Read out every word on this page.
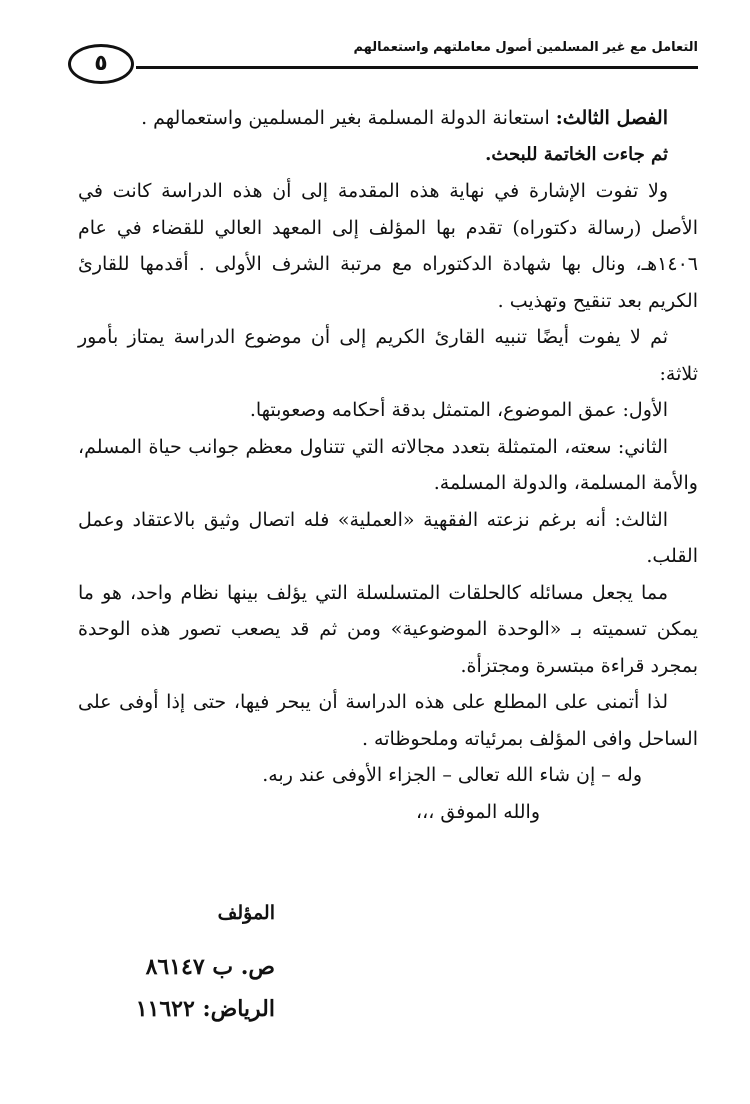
التعامل مع غير المسلمين أصول معاملتهم واستعمالهم
٥

الفصل الثالث: استعانة الدولة المسلمة بغير المسلمين واستعمالهم .

ثم جاءت الخاتمة للبحث.

ولا تفوت الإشارة في نهاية هذه المقدمة إلى أن هذه الدراسة كانت في الأصل (رسالة دكتوراه) تقدم بها المؤلف إلى المعهد العالي للقضاء في عام ١٤٠٦هـ، ونال بها شهادة الدكتوراه مع مرتبة الشرف الأولى . أقدمها للقارئ الكريم بعد تنقيح وتهذيب .

ثم لا يفوت أيضًا تنبيه القارئ الكريم إلى أن موضوع الدراسة يمتاز بأمور ثلاثة:

الأول: عمق الموضوع، المتمثل بدقة أحكامه وصعوبتها.

الثاني: سعته، المتمثلة بتعدد مجالاته التي تتناول معظم جوانب حياة المسلم، والأمة المسلمة، والدولة المسلمة.

الثالث: أنه برغم نزعته الفقهية «العملية» فله اتصال وثيق بالاعتقاد وعمل القلب.

مما يجعل مسائله كالحلقات المتسلسلة التي يؤلف بينها نظام واحد، هو ما يمكن تسميته بـ «الوحدة الموضوعية» ومن ثم قد يصعب تصور هذه الوحدة بمجرد قراءة مبتسرة ومجتزأة.

لذا أتمنى على المطلع على هذه الدراسة أن يبحر فيها، حتى إذا أوفى على الساحل وافى المؤلف بمرئياته وملحوظاته .

وله – إن شاء الله تعالى – الجزاء الأوفى عند ربه.

والله الموفق ،،،

المؤلف
ص. ب ٨٦١٤٧
الرياض: ١١٦٢٢
